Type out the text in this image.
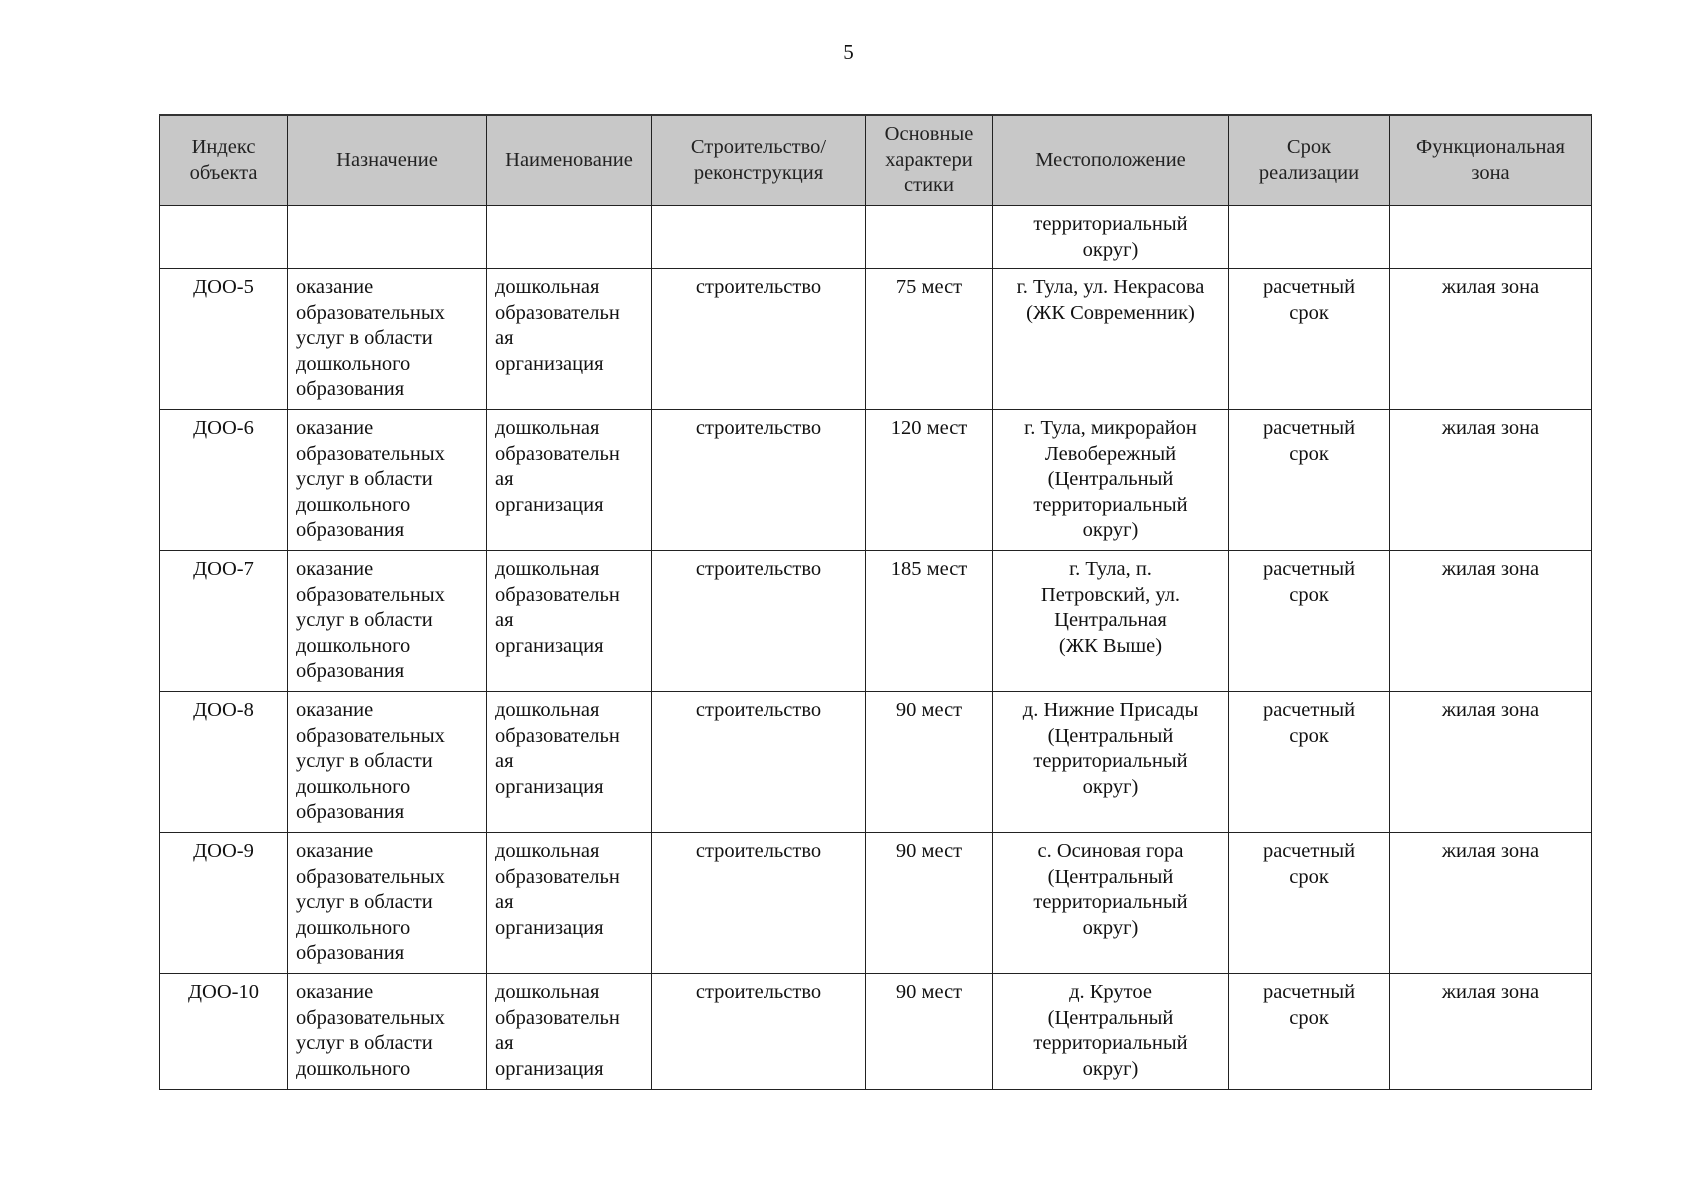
5
Индекс
объекта	Назначение	Наименование	Строительство/
реконструкция	Основные
характери
стики	Местоположение	Срок
реализации	Функциональная
зона
					территориальный
округ)		
ДОО-5	оказание
образовательных
услуг в области
дошкольного
образования	дошкольная
образовательн
ая
организация	строительство	75 мест	г. Тула, ул. Некрасова
(ЖК Современник)	расчетный
срок	жилая зона
ДОО-6	оказание
образовательных
услуг в области
дошкольного
образования	дошкольная
образовательн
ая
организация	строительство	120 мест	г. Тула, микрорайон
Левобережный
(Центральный
территориальный
округ)	расчетный
срок	жилая зона
ДОО-7	оказание
образовательных
услуг в области
дошкольного
образования	дошкольная
образовательн
ая
организация	строительство	185 мест	г. Тула, п.
Петровский, ул.
Центральная
(ЖК Выше)	расчетный
срок	жилая зона
ДОО-8	оказание
образовательных
услуг в области
дошкольного
образования	дошкольная
образовательн
ая
организация	строительство	90 мест	д. Нижние Присады
(Центральный
территориальный
округ)	расчетный
срок	жилая зона
ДОО-9	оказание
образовательных
услуг в области
дошкольного
образования	дошкольная
образовательн
ая
организация	строительство	90 мест	с. Осиновая гора
(Центральный
территориальный
округ)	расчетный
срок	жилая зона
ДОО-10	оказание
образовательных
услуг в области
дошкольного	дошкольная
образовательн
ая
организация	строительство	90 мест	д. Крутое
(Центральный
территориальный
округ)	расчетный
срок	жилая зона
